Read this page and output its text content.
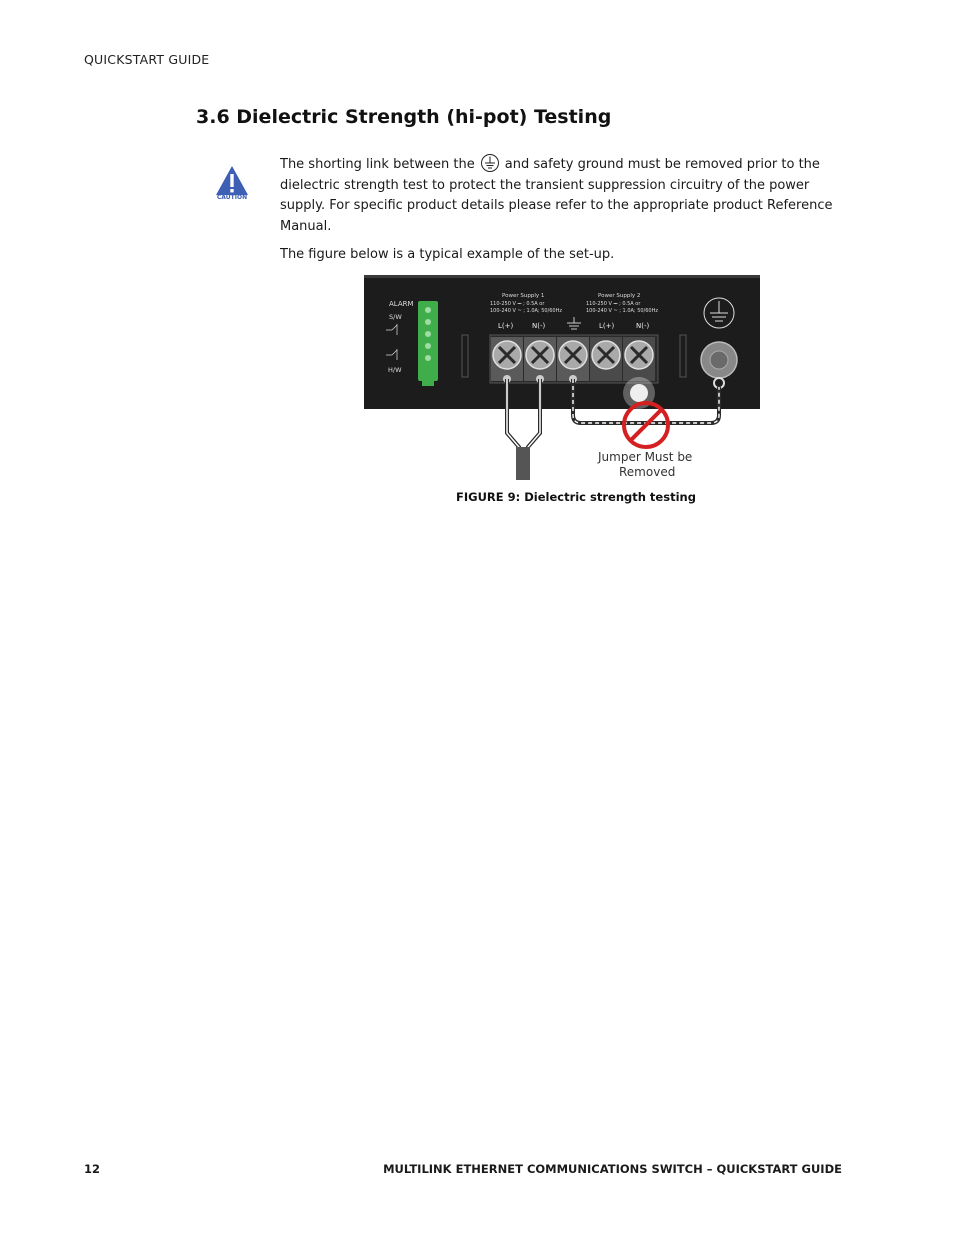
QUICKSTART GUIDE
3.6 Dielectric Strength (hi-pot) Testing
CAUTION

The shorting link between the and safety ground must be removed prior to the dielectric strength test to protect the transient suppression circuitry of the power supply. For specific product details please refer to the appropriate product Reference Manual.

The figure below is a typical example of the set-up.

ALARM
S/W
H/W
Power Supply 1
110-250 V ⎓ ; 0.5A or
100-240 V ~ ; 1.0A; 50/60Hz
Power Supply 2
110-250 V ⎓ ; 0.5A or
100-240 V ~ ; 1.0A; 50/60Hz
L(+)	N(-)	L(+)	N(-)
Jumper Must be
Removed
FIGURE 9: Dielectric strength testing
12	MULTILINK ETHERNET COMMUNICATIONS SWITCH – QUICKSTART GUIDE
